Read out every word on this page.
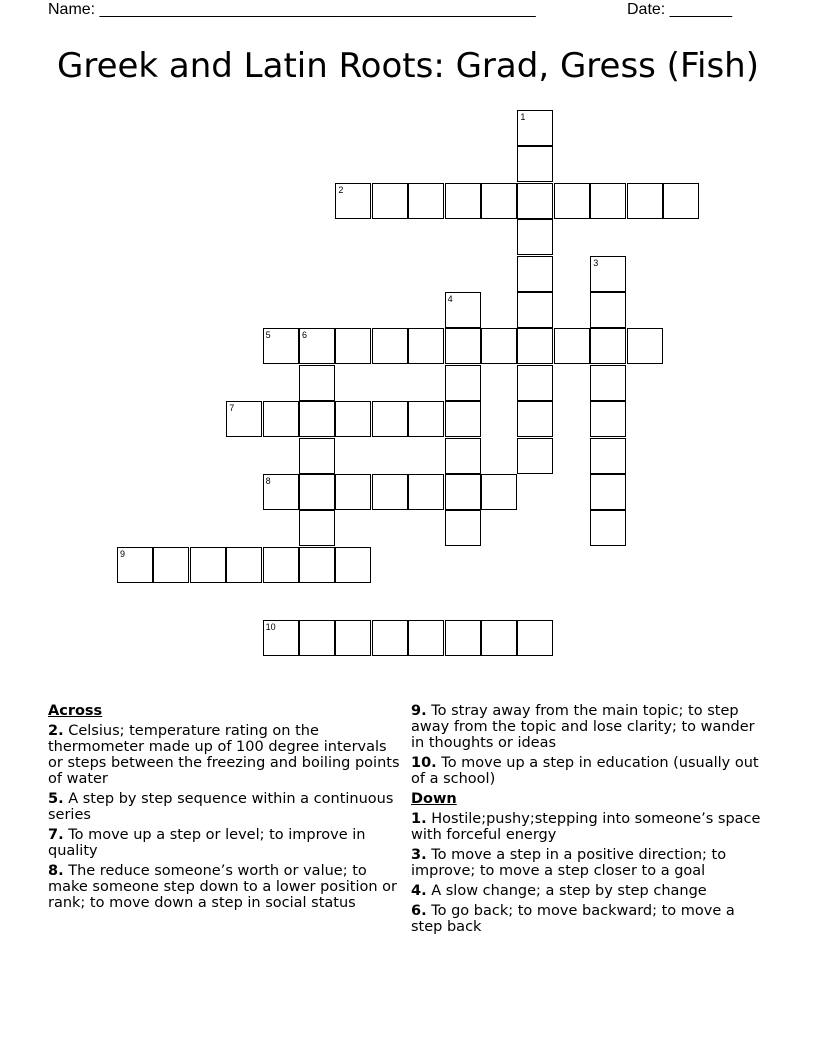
Name: _________________________________________________	Date: _______
Greek and Latin Roots: Grad, Gress (Fish)
1
2
3
4
5	6
7
8
9
10
Across
2. Celsius; temperature rating on the thermometer made up of 100 degree intervals or steps between the freezing and boiling points of water
5. A step by step sequence within a continuous series
7. To move up a step or level; to improve in quality
8. The reduce someone’s worth or value; to make someone step down to a lower position or rank; to move down a step in social status
9. To stray away from the main topic; to step away from the topic and lose clarity; to wander in thoughts or ideas
10. To move up a step in education (usually out of a school)
Down
1. Hostile;pushy;stepping into someone’s space with forceful energy
3. To move a step in a positive direction; to improve; to move a step closer to a goal
4. A slow change; a step by step change
6. To go back; to move backward; to move a step back
